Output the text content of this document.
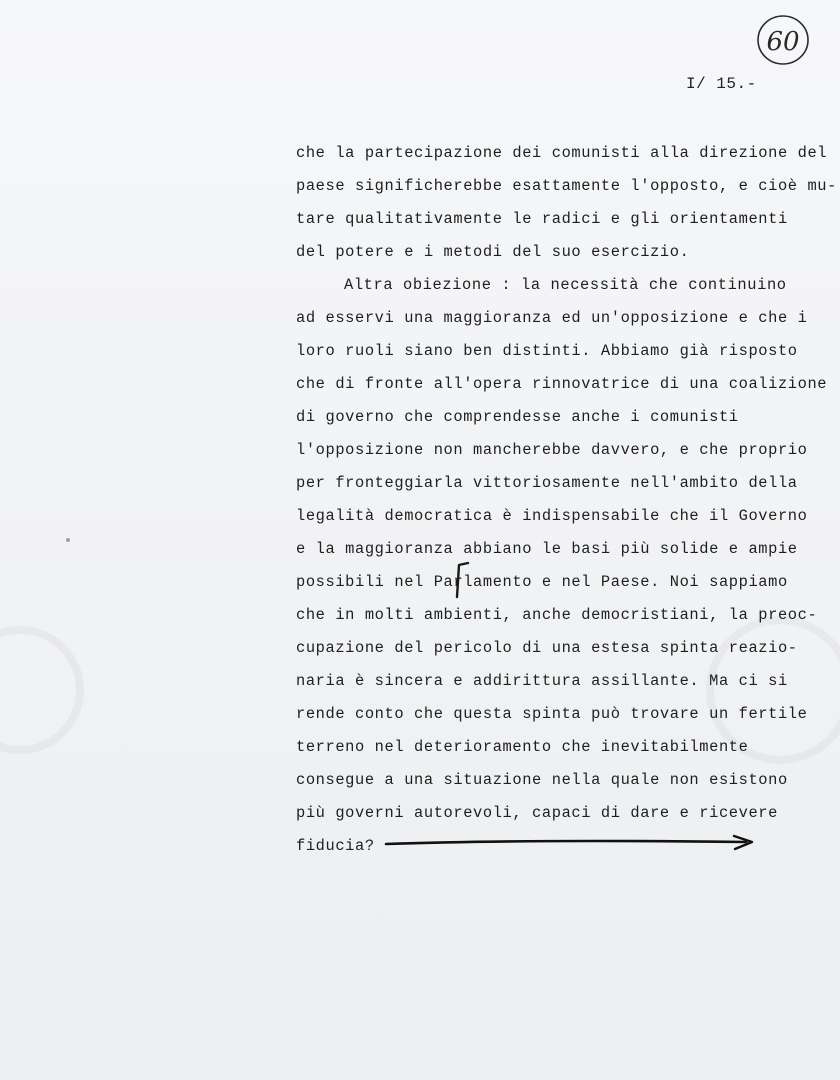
60
I/ 15.-
che la partecipazione dei comunisti alla direzione del
paese significherebbe esattamente l'opposto, e cioè mu-
tare qualitativamente le radici e gli orientamenti
del potere e i metodi del suo esercizio.
Altra obiezione : la necessità che continuino
ad esservi una maggioranza ed un'opposizione e che i
loro ruoli siano ben distinti. Abbiamo già risposto
che di fronte all'opera rinnovatrice di una coalizione
di governo che comprendesse anche i comunisti
l'opposizione non mancherebbe davvero, e che proprio
per fronteggiarla vittoriosamente nell'ambito della
legalità democratica è indispensabile che il Governo
e la maggioranza abbiano le basi più solide e ampie
possibili nel Parlamento e nel Paese. Noi sappiamo
che in molti ambienti, anche democristiani, la preoc-
cupazione del pericolo di una estesa spinta reazio-
naria è sincera e addirittura assillante. Ma ci si
rende conto che questa spinta può trovare un fertile
terreno nel deterioramento che inevitabilmente
consegue a una situazione nella quale non esistono
più governi autorevoli, capaci di dare e ricevere
fiducia?
